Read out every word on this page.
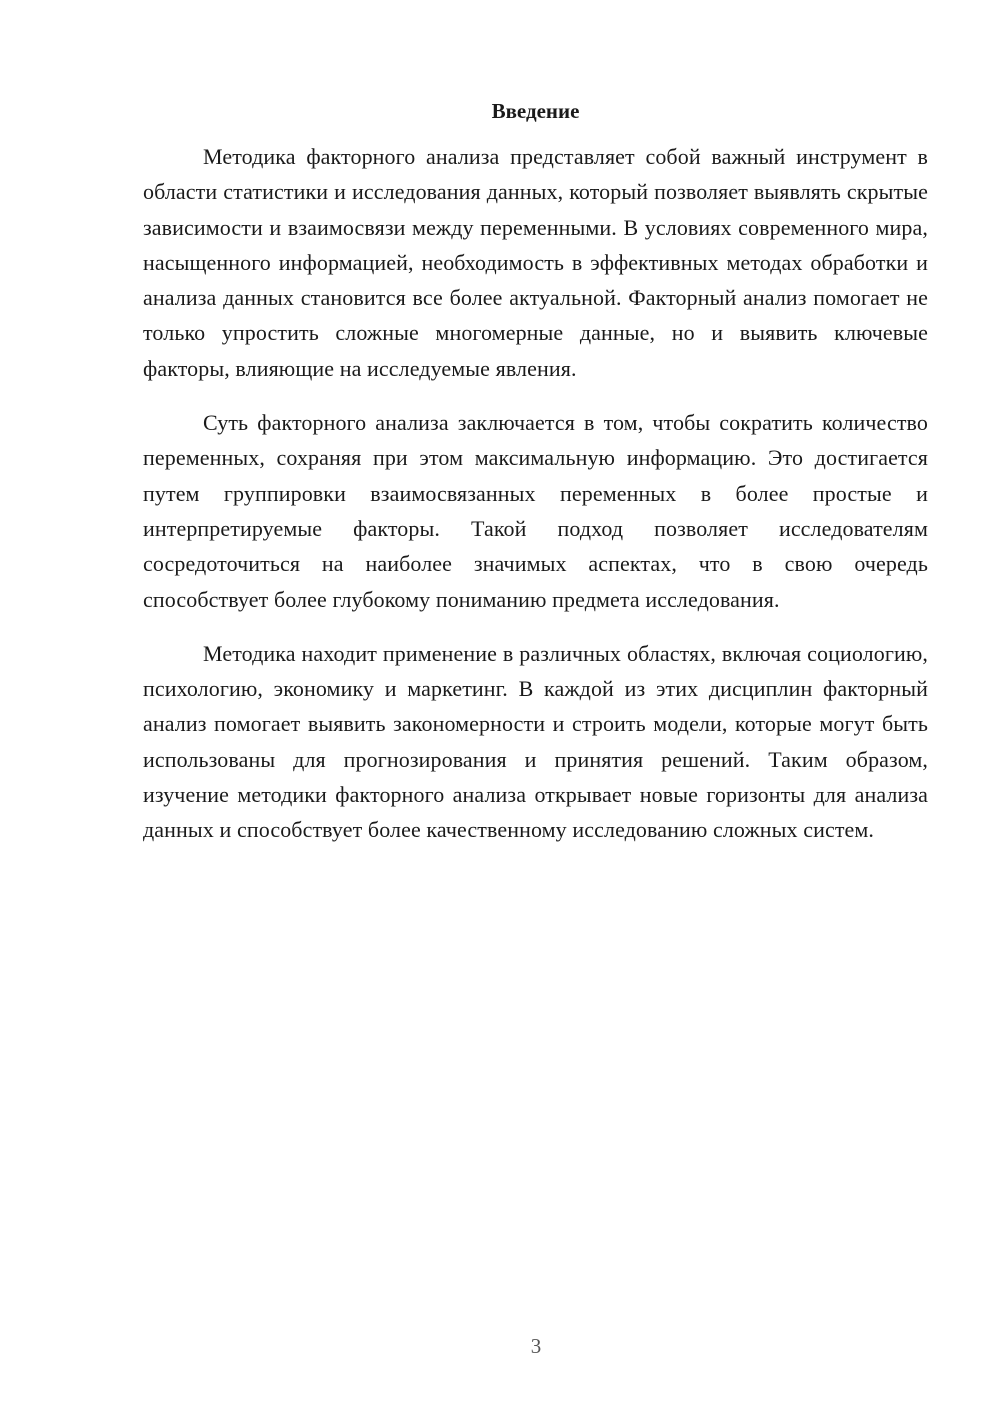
Введение

Методика факторного анализа представляет собой важный инструмент в области статистики и исследования данных, который позволяет выявлять скрытые зависимости и взаимосвязи между переменными. В условиях современного мира, насыщенного информацией, необходимость в эффективных методах обработки и анализа данных становится все более актуальной. Факторный анализ помогает не только упростить сложные многомерные данные, но и выявить ключевые факторы, влияющие на исследуемые явления.

Суть факторного анализа заключается в том, чтобы сократить количество переменных, сохраняя при этом максимальную информацию. Это достигается путем группировки взаимосвязанных переменных в более простые и интерпретируемые факторы. Такой подход позволяет исследователям сосредоточиться на наиболее значимых аспектах, что в свою очередь способствует более глубокому пониманию предмета исследования.

Методика находит применение в различных областях, включая социологию, психологию, экономику и маркетинг. В каждой из этих дисциплин факторный анализ помогает выявить закономерности и строить модели, которые могут быть использованы для прогнозирования и принятия решений. Таким образом, изучение методики факторного анализа открывает новые горизонты для анализа данных и способствует более качественному исследованию сложных систем.

3
